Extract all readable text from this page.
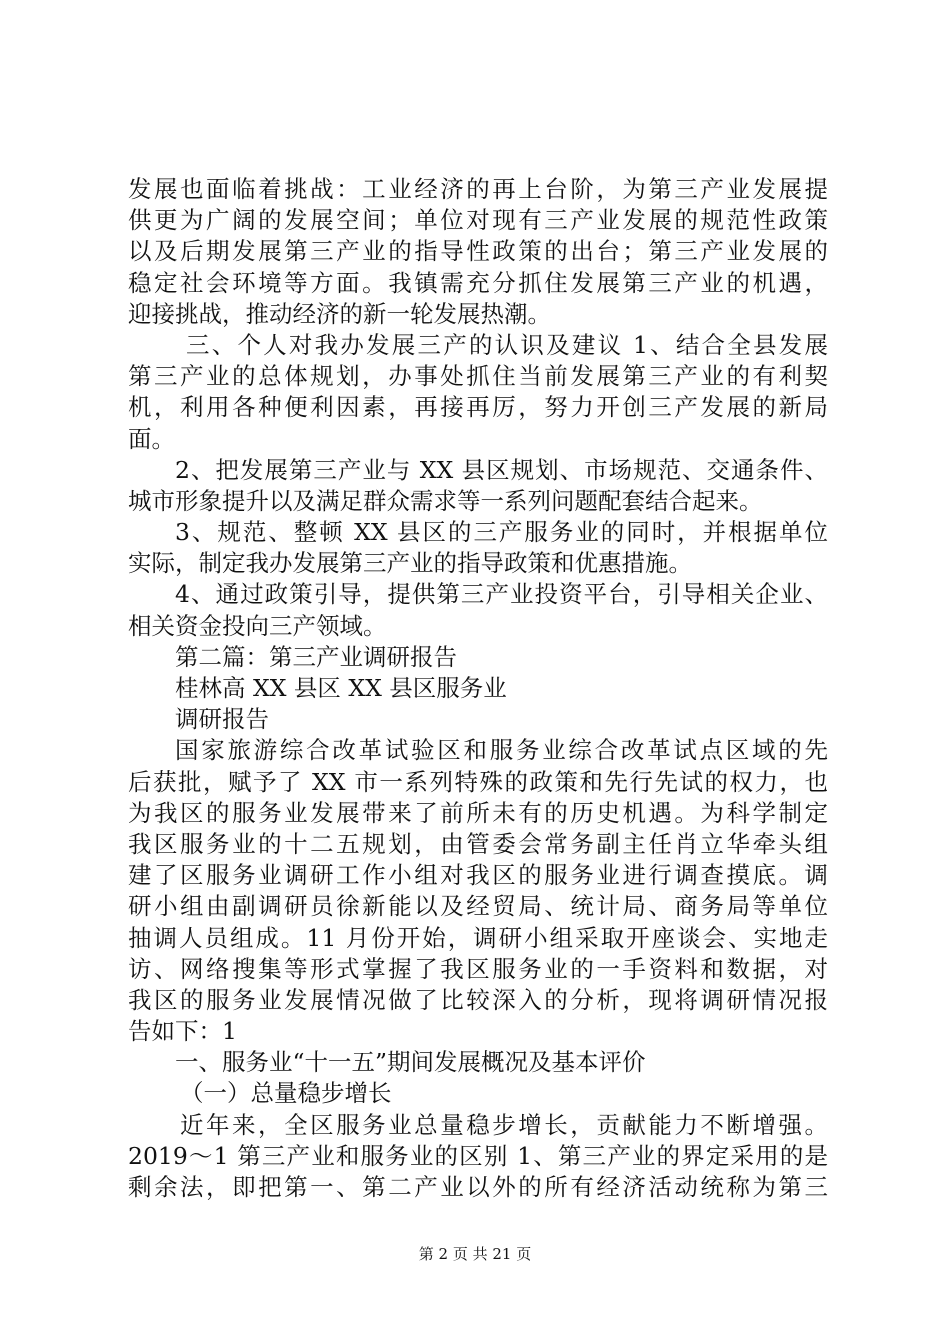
发展也面临着挑战：工业经济的再上台阶，为第三产业发展提
供更为广阔的发展空间；单位对现有三产业发展的规范性政策
以及后期发展第三产业的指导性政策的出台；第三产业发展的
稳定社会环境等方面。我镇需充分抓住发展第三产业的机遇，
迎接挑战，推动经济的新一轮发展热潮。
三、个人对我办发展三产的认识及建议 1、结合全县发展
第三产业的总体规划，办事处抓住当前发展第三产业的有利契
机，利用各种便利因素，再接再厉，努力开创三产发展的新局
面。
2、把发展第三产业与 XX 县区规划、市场规范、交通条件、
城市形象提升以及满足群众需求等一系列问题配套结合起来。
3、规范、整顿 XX 县区的三产服务业的同时，并根据单位
实际，制定我办发展第三产业的指导政策和优惠措施。
4、通过政策引导，提供第三产业投资平台，引导相关企业、
相关资金投向三产领域。
第二篇：第三产业调研报告
桂林高 XX 县区 XX 县区服务业
调研报告
国家旅游综合改革试验区和服务业综合改革试点区域的先
后获批，赋予了 XX 市一系列特殊的政策和先行先试的权力，也
为我区的服务业发展带来了前所未有的历史机遇。为科学制定
我区服务业的十二五规划，由管委会常务副主任肖立华牵头组
建了区服务业调研工作小组对我区的服务业进行调查摸底。调
研小组由副调研员徐新能以及经贸局、统计局、商务局等单位
抽调人员组成。11 月份开始，调研小组采取开座谈会、实地走
访、网络搜集等形式掌握了我区服务业的一手资料和数据，对
我区的服务业发展情况做了比较深入的分析，现将调研情况报
告如下：1
一、服务业“十一五”期间发展概况及基本评价
（一）总量稳步增长
近年来，全区服务业总量稳步增长，贡献能力不断增强。
2019～1 第三产业和服务业的区别 1、第三产业的界定采用的是
剩余法，即把第一、第二产业以外的所有经济活动统称为第三
第 2 页 共 21 页
